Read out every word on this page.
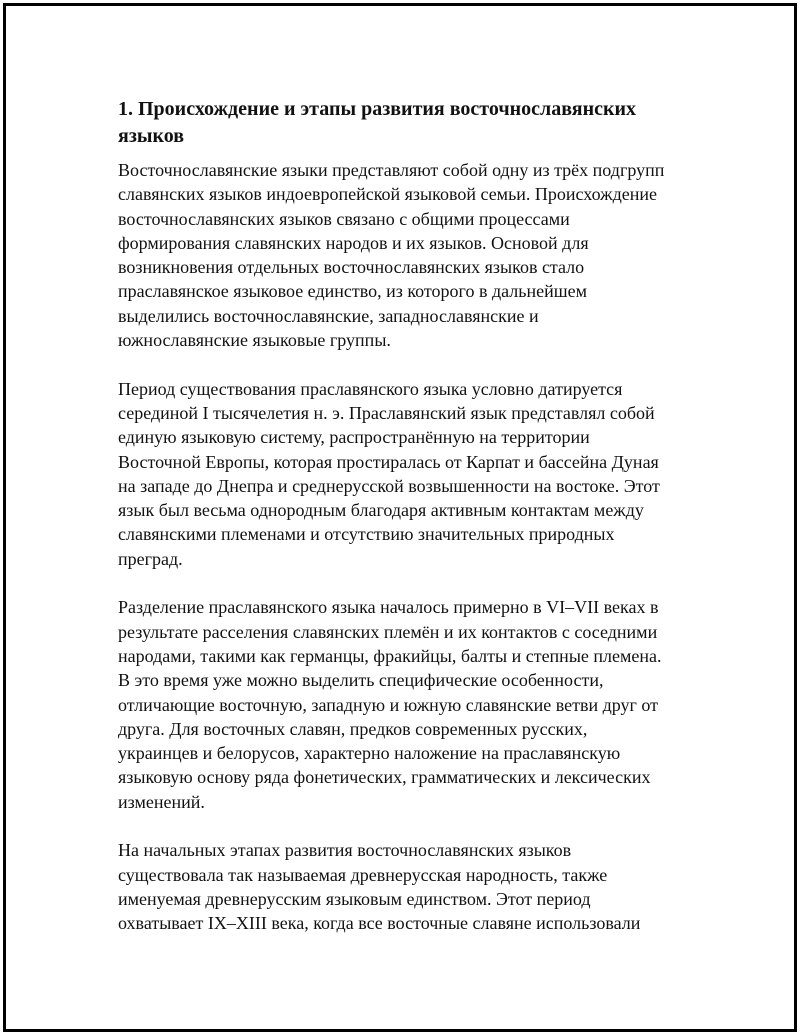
1. Происхождение и этапы развития восточнославянских
языков

Восточнославянские языки представляют собой одну из трёх подгрупп
славянских языков индоевропейской языковой семьи. Происхождение
восточнославянских языков связано с общими процессами
формирования славянских народов и их языков. Основой для
возникновения отдельных восточнославянских языков стало
праславянское языковое единство, из которого в дальнейшем
выделились восточнославянские, западнославянские и
южнославянские языковые группы.

Период существования праславянского языка условно датируется
серединой I тысячелетия н. э. Праславянский язык представлял собой
единую языковую систему, распространённую на территории
Восточной Европы, которая простиралась от Карпат и бассейна Дуная
на западе до Днепра и среднерусской возвышенности на востоке. Этот
язык был весьма однородным благодаря активным контактам между
славянскими племенами и отсутствию значительных природных
преград.

Разделение праславянского языка началось примерно в VI–VII веках в
результате расселения славянских племён и их контактов с соседними
народами, такими как германцы, фракийцы, балты и степные племена.
В это время уже можно выделить специфические особенности,
отличающие восточную, западную и южную славянские ветви друг от
друга. Для восточных славян, предков современных русских,
украинцев и белорусов, характерно наложение на праславянскую
языковую основу ряда фонетических, грамматических и лексических
изменений.

На начальных этапах развития восточнославянских языков
существовала так называемая древнерусская народность, также
именуемая древнерусским языковым единством. Этот период
охватывает IX–XIII века, когда все восточные славяне использовали
